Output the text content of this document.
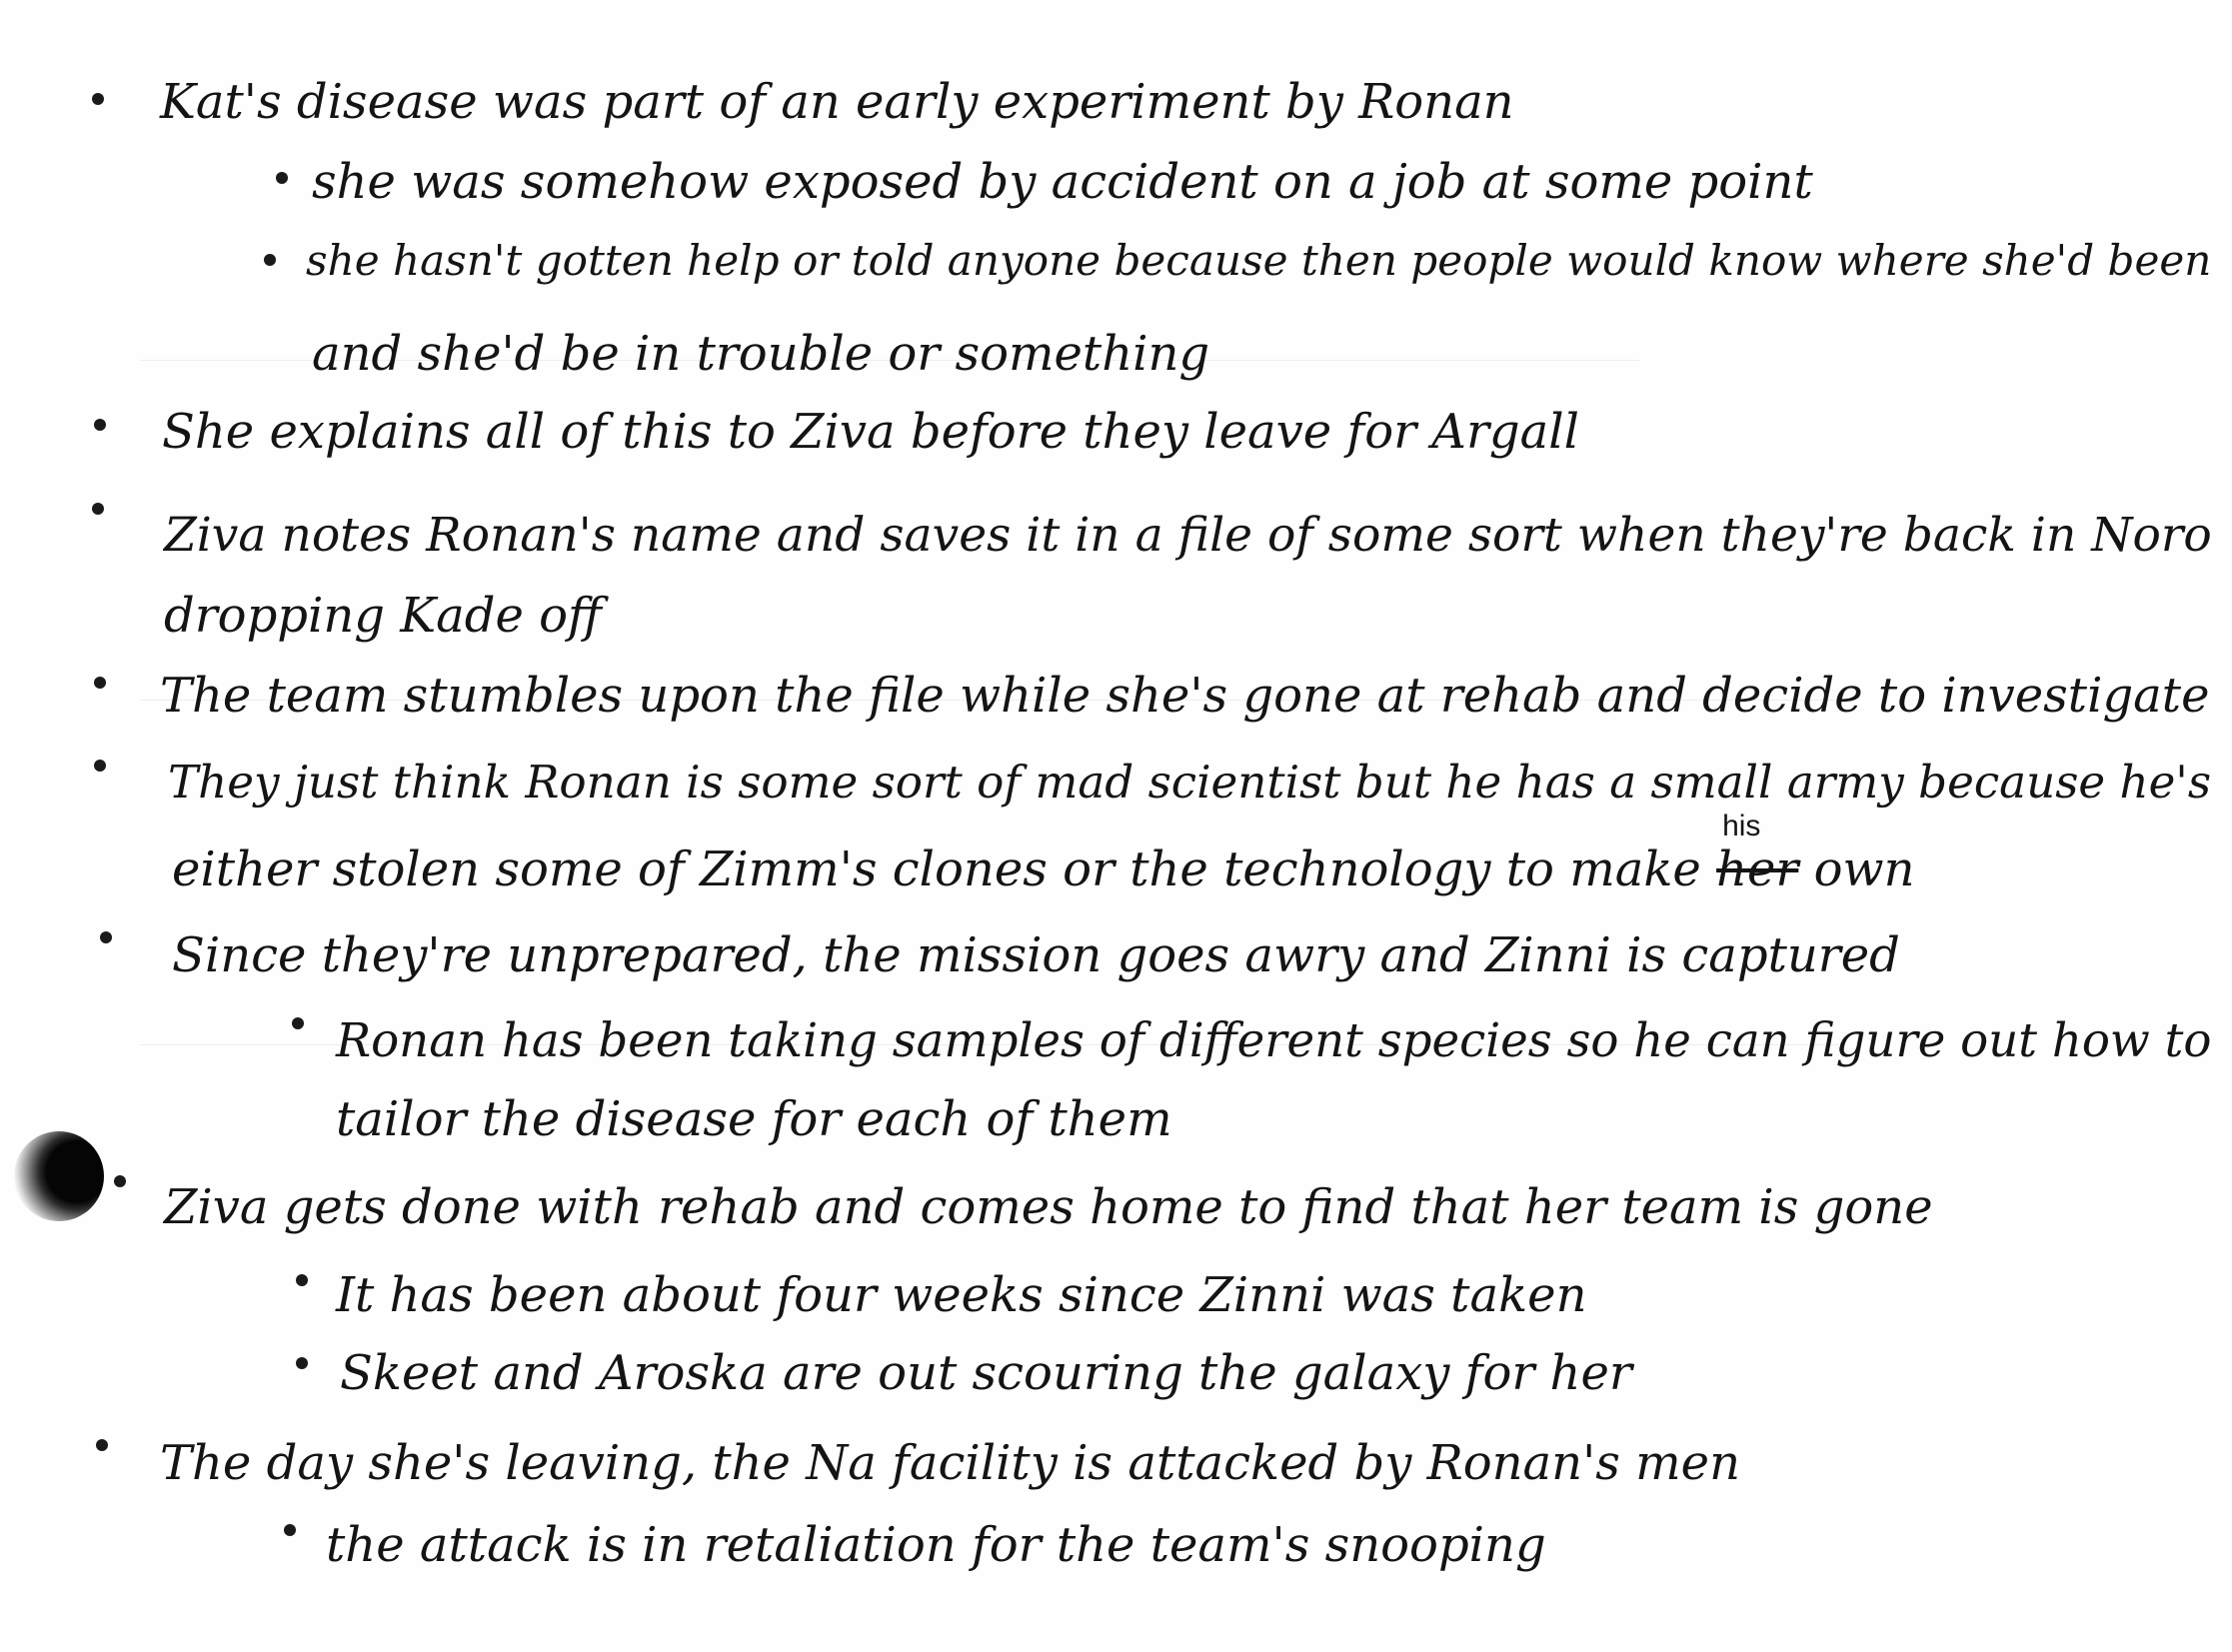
Kat's disease was part of an early experiment by Ronan
she was somehow exposed by accident on a job at some point
she hasn't gotten help or told anyone because then people would know where she'd been
and she'd be in trouble or something
She explains all of this to Ziva before they leave for Argall
Ziva notes Ronan's name and saves it in a file of some sort when they're back in Noro
dropping Kade off
The team stumbles upon the file while she's gone at rehab and decide to investigate
They just think Ronan is some sort of mad scientist but he has a small army because he's
either stolen some of Zimm's clones or the technology to make her
his
own
Since they're unprepared, the mission goes awry and Zinni is captured
Ronan has been taking samples of different species so he can figure out how to
tailor the disease for each of them
Ziva gets done with rehab and comes home to find that her team is gone
It has been about four weeks since Zinni was taken
Skeet and Aroska are out scouring the galaxy for her
The day she's leaving, the Na facility is attacked by Ronan's men
the attack is in retaliation for the team's snooping
